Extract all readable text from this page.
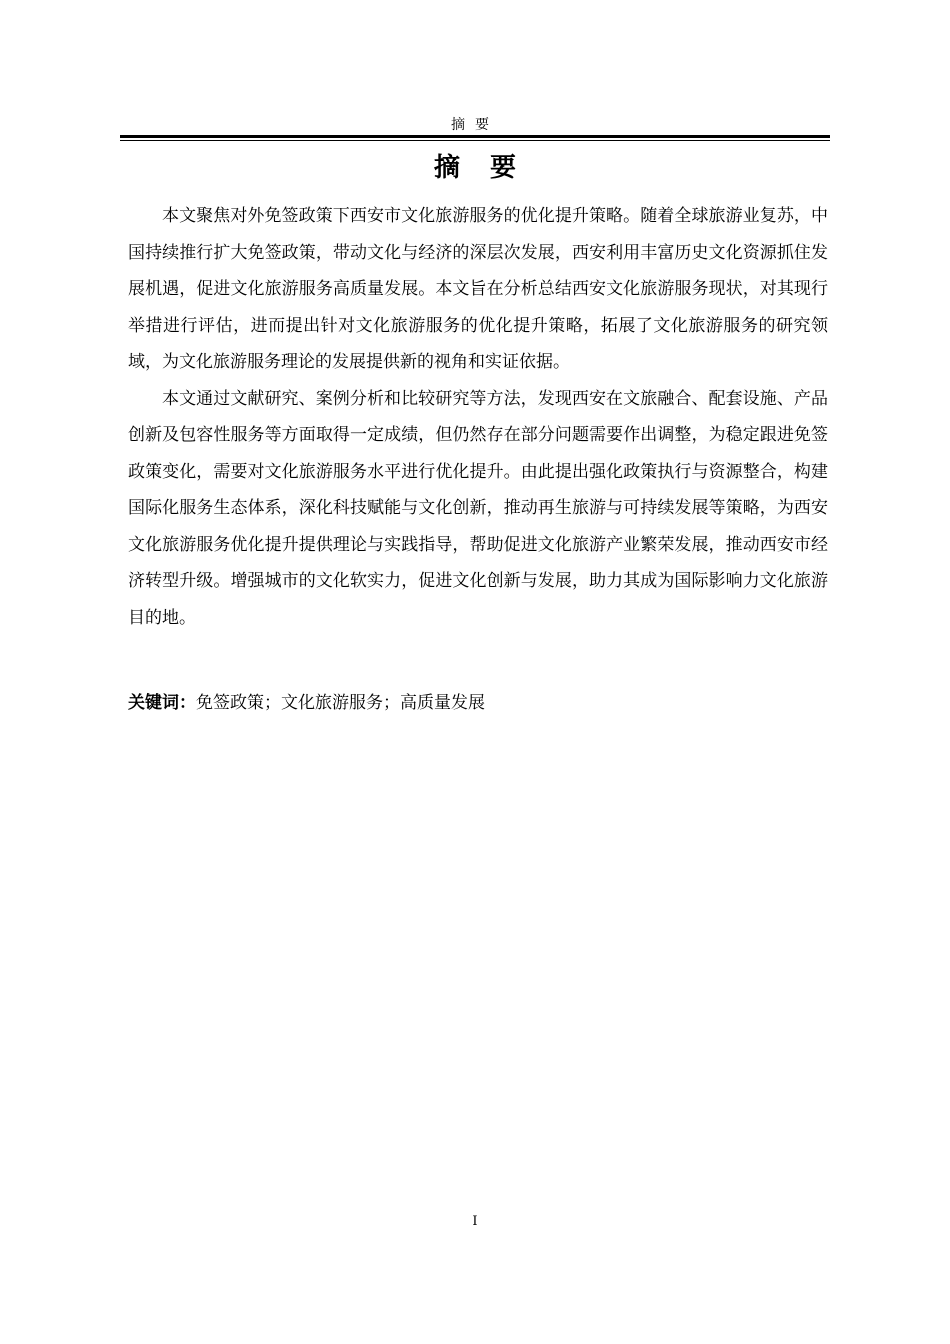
摘要
摘要

本文聚焦对外免签政策下西安市文化旅游服务的优化提升策略。随着全球旅游业复苏，中国持续推行扩大免签政策，带动文化与经济的深层次发展，西安利用丰富历史文化资源抓住发展机遇，促进文化旅游服务高质量发展。本文旨在分析总结西安文化旅游服务现状，对其现行举措进行评估，进而提出针对文化旅游服务的优化提升策略，拓展了文化旅游服务的研究领域，为文化旅游服务理论的发展提供新的视角和实证依据。

本文通过文献研究、案例分析和比较研究等方法，发现西安在文旅融合、配套设施、产品创新及包容性服务等方面取得一定成绩，但仍然存在部分问题需要作出调整，为稳定跟进免签政策变化，需要对文化旅游服务水平进行优化提升。由此提出强化政策执行与资源整合，构建国际化服务生态体系，深化科技赋能与文化创新，推动再生旅游与可持续发展等策略，为西安文化旅游服务优化提升提供理论与实践指导，帮助促进文化旅游产业繁荣发展，推动西安市经济转型升级。增强城市的文化软实力，促进文化创新与发展，助力其成为国际影响力文化旅游目的地。

关键词：免签政策；文化旅游服务；高质量发展
I
